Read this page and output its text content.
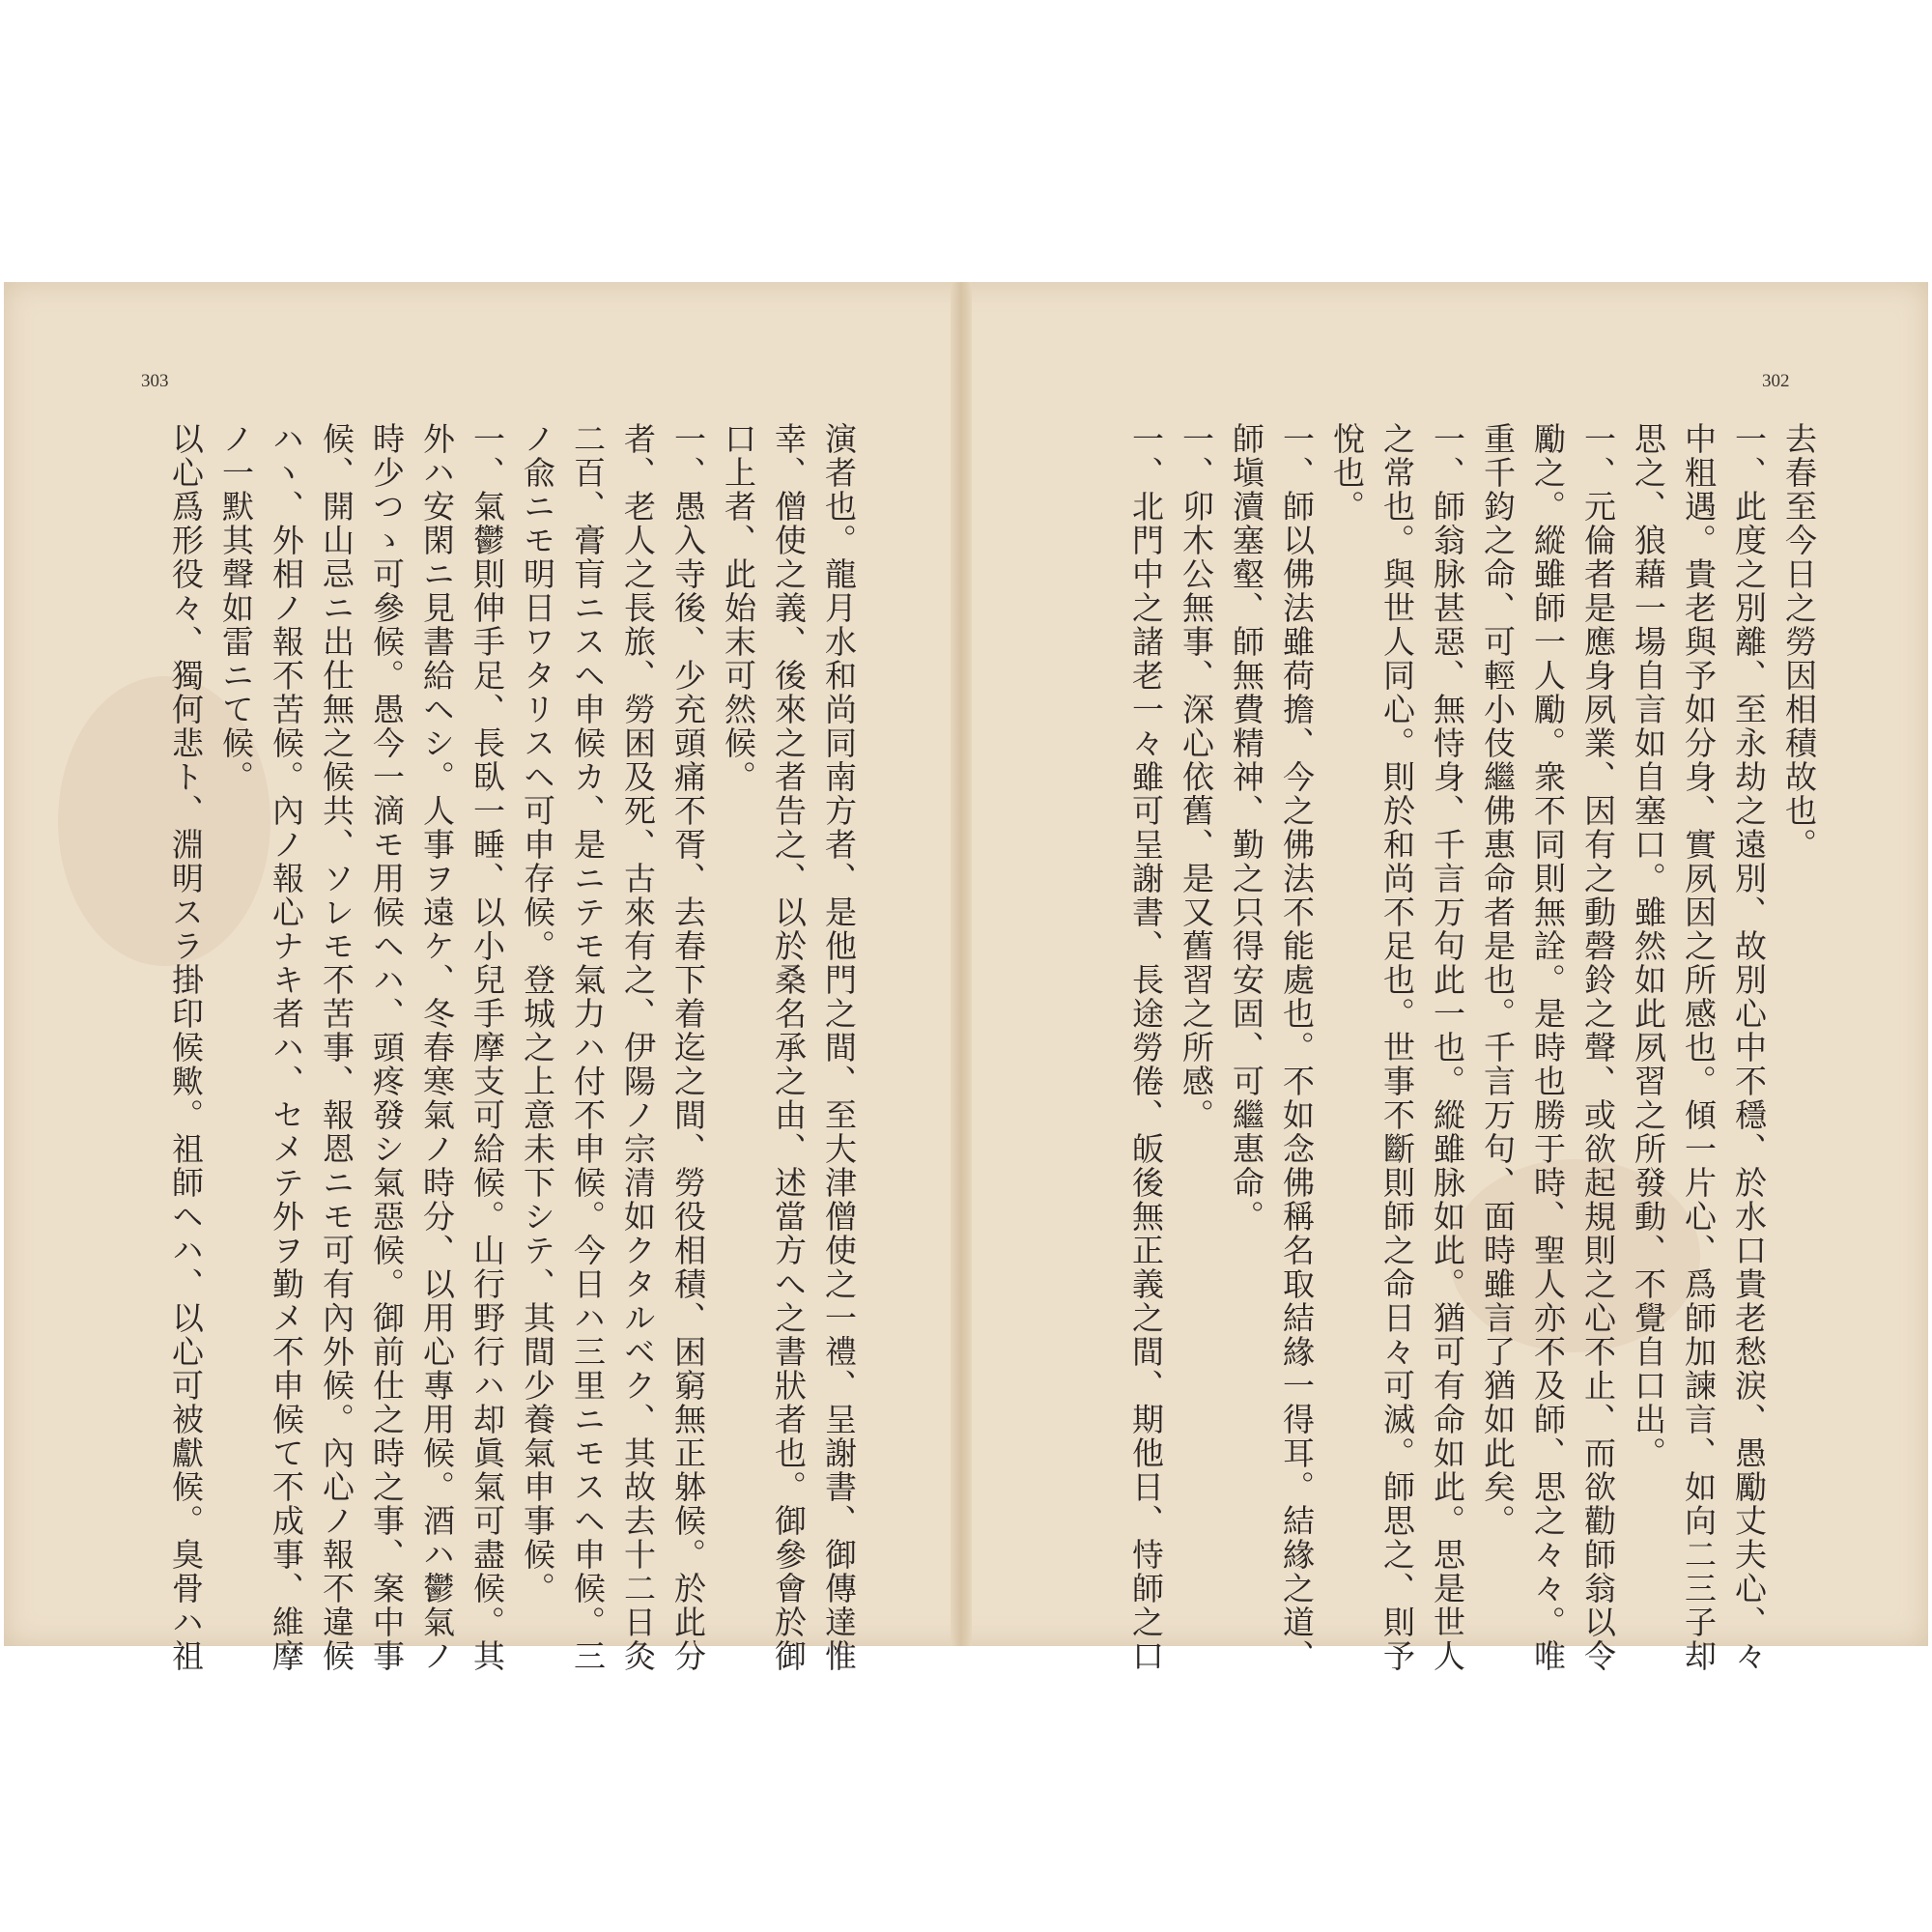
303
演者也。龍月水和尚同南方者、是他門之間、至大津僧使之一禮、呈謝書、御傳達惟
幸、僧使之義、後來之者告之、以於桑名承之由、述當方へ之書狀者也。御參會於御
口上者、此始末可然候。
一、愚入寺後、少充頭痛不胥、去春下着迄之間、勞役相積、困窮無正躰候。於此分
者、老人之長旅、勞困及死、古來有之、伊陽ノ宗清如クタルベク、其故去十二日灸
二百、膏肓ニスヘ申候カ、是ニテモ氣力ハ付不申候。今日ハ三里ニモスヘ申候。三
ノ兪ニモ明日ワタリスヘ可申存候。登城之上意未下シテ、其間少養氣申事候。
一、氣鬱則伸手足、長臥一睡、以小兒手摩支可給候。山行野行ハ却眞氣可盡候。其
外ハ安閑ニ見書給ヘシ。人事ヲ遠ケ、冬春寒氣ノ時分、以用心專用候。酒ハ鬱氣ノ
時少つゝ可參候。愚今一滴モ用候ヘハ、頭疼發シ氣惡候。御前仕之時之事、案中事
候、開山忌ニ出仕無之候共、ソレモ不苦事、報恩ニモ可有內外候。內心ノ報不違候
ハヽ、外相ノ報不苦候。內ノ報心ナキ者ハ、セメテ外ヲ勤メ不申候て不成事、維摩
ノ一默其聲如雷ニて候。
以心爲形役々、獨何悲ト、淵明スラ掛印候歟。祖師ヘハ、以心可被獻候。臭骨ハ祖
302
去春至今日之勞因相積故也。
一、此度之別離、至永劫之遠別、故別心中不穩、於水口貴老愁涙、愚勵丈夫心、々
中粗遇。貴老與予如分身、實夙因之所感也。傾一片心、爲師加諫言、如向二三子却
思之、狼藉一場自言如自塞口。雖然如此夙習之所發動、不覺自口出。
一、元倫者是應身夙業、因有之動磬鈴之聲、或欲起規則之心不止、而欲勸師翁以令
勵之。縱雖師一人勵。衆不同則無詮。是時也勝于時、聖人亦不及師、思之々々。唯
重千鈞之命、可輕小伎繼佛惠命者是也。千言万句、面時雖言了猶如此矣。
一、師翁脉甚惡、無恃身、千言万句此一也。縱雖脉如此。猶可有命如此。思是世人
之常也。與世人同心。則於和尚不足也。世事不斷則師之命日々可滅。師思之、則予
悅也。
一、師以佛法雖荷擔、今之佛法不能處也。不如念佛稱名取結緣一得耳。結緣之道、
師塡瀆塞壑、師無費精神、勤之只得安固、可繼惠命。
一、卯木公無事、深心依舊、是又舊習之所感。
一、北門中之諸老一々雖可呈謝書、長途勞倦、皈後無正義之間、期他日、恃師之口
